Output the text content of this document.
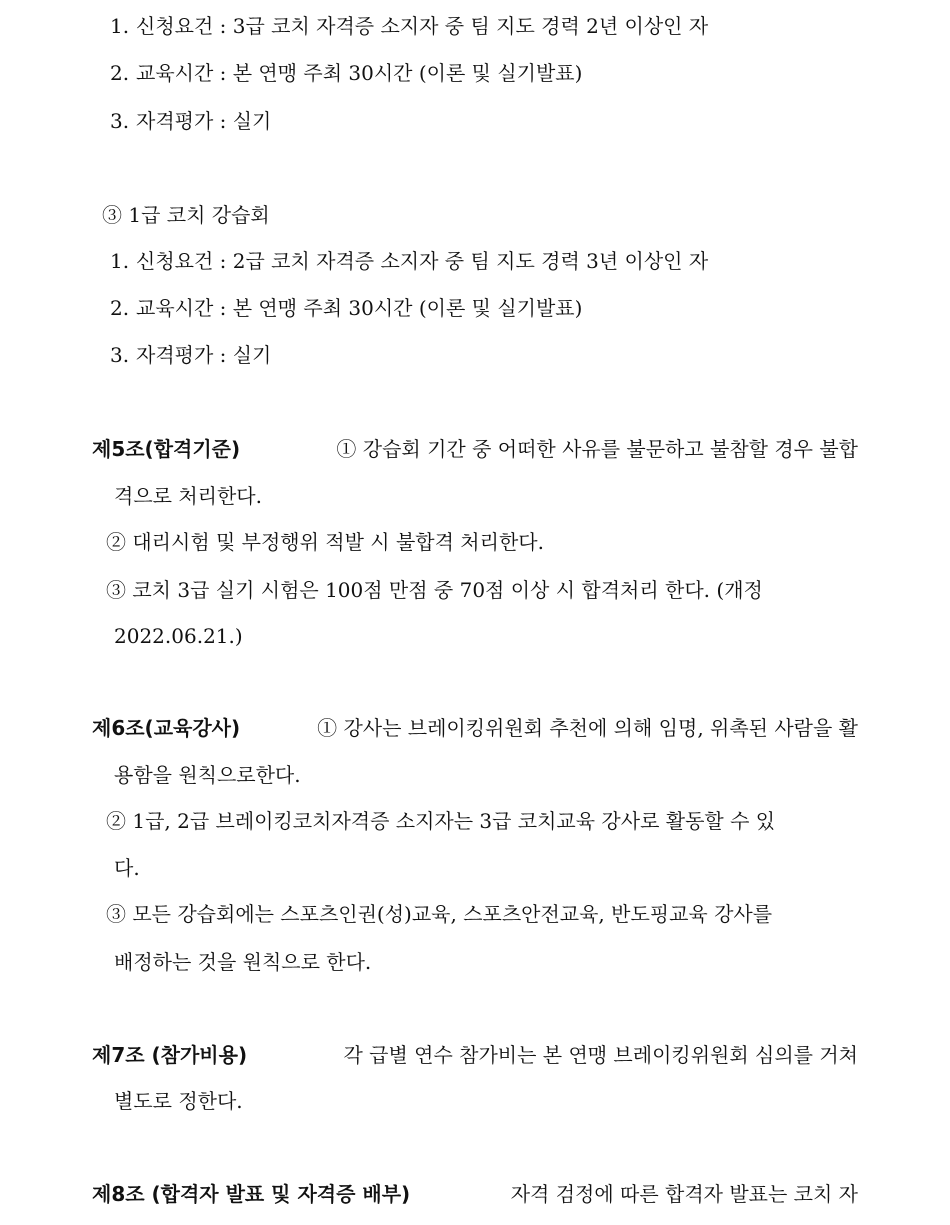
1. 신청요건 : 3급 코치 자격증 소지자 중 팀 지도 경력 2년 이상인 자
2. 교육시간 : 본 연맹 주최 30시간 (이론 및 실기발표)
3. 자격평가 : 실기
③ 1급 코치 강습회
1. 신청요건 : 2급 코치 자격증 소지자 중 팀 지도 경력 3년 이상인 자
2. 교육시간 : 본 연맹 주최 30시간 (이론 및 실기발표)
3. 자격평가 : 실기
제5조(합격기준)	① 강습회 기간 중 어떠한 사유를 불문하고 불참할 경우 불합
격으로 처리한다.
② 대리시험 및 부정행위 적발 시 불합격 처리한다.
③ 코치 3급 실기 시험은 100점 만점 중 70점 이상 시 합격처리 한다. (개정
2022.06.21.)
제6조(교육강사)	① 강사는 브레이킹위원회 추천에 의해 임명, 위촉된 사람을 활
용함을 원칙으로한다.
② 1급, 2급 브레이킹코치자격증 소지자는 3급 코치교육 강사로 활동할 수 있
다.
③ 모든 강습회에는 스포츠인권(성)교육, 스포츠안전교육, 반도핑교육 강사를
배정하는 것을 원칙으로 한다.
제7조 (참가비용)	각 급별 연수 참가비는 본 연맹 브레이킹위원회 심의를 거쳐
별도로 정한다.
제8조 (합격자 발표 및 자격증 배부)	자격 검정에 따른 합격자 발표는 코치 자
